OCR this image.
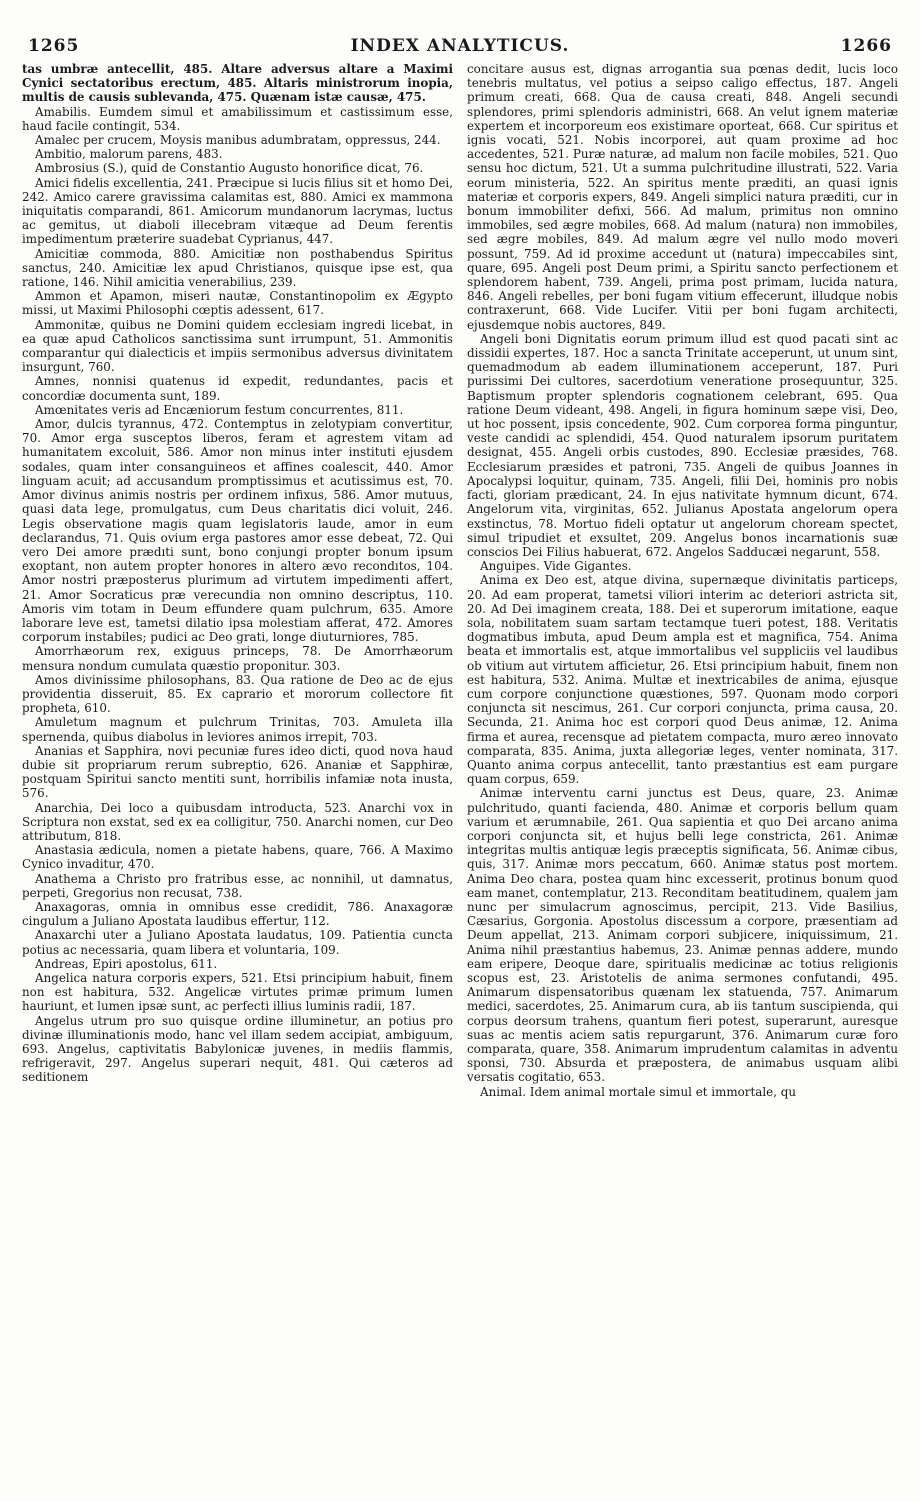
1265	INDEX ANALYTICUS.	1266

tas umbræ antecellit, 485. Altare adversus altare a Maximi Cynici sectatoribus erectum, 485. Altaris ministrorum inopia, multis de causis sublevanda, 475. Quænam istæ causæ, 475.

Amabilis. Eumdem simul et amabilissimum et castissimum esse, haud facile contingit, 534.

Amalec per crucem, Moysis manibus adumbratam, oppressus, 244.

Ambitio, malorum parens, 483.

Ambrosius (S.), quid de Constantio Augusto honorifice dicat, 76.

Amici fidelis excellentia, 241. Præcipue si lucis filius sit et homo Dei, 242. Amico carere gravissima calamitas est, 880. Amici ex mammona iniquitatis comparandi, 861. Amicorum mundanorum lacrymas, luctus ac gemitus, ut diaboli illecebram vitæque ad Deum ferentis impedimentum præterire suadebat Cyprianus, 447.

Amicitiæ commoda, 880. Amicitiæ non posthabendus Spiritus sanctus, 240. Amicitiæ lex apud Christianos, quisque ipse est, qua ratione, 146. Nihil amicitia venerabilius, 239.

Ammon et Apamon, miseri nautæ, Constantinopolim ex Ægypto missi, ut Maximi Philosophi cœptis adessent, 617.

Ammonitæ, quibus ne Domini quidem ecclesiam ingredi licebat, in ea quæ apud Catholicos sanctissima sunt irrumpunt, 51. Ammonitis comparantur qui dialecticis et impiis sermonibus adversus divinitatem insurgunt, 760.

Amnes, nonnisi quatenus id expedit, redundantes, pacis et concordiæ documenta sunt, 189.

Amœnitates veris ad Encæniorum festum concurrentes, 811.

Amor, dulcis tyrannus, 472. Contemptus in zelotypiam convertitur, 70. Amor erga susceptos liberos, feram et agrestem vitam ad humanitatem excoluit, 586. Amor non minus inter instituti ejusdem sodales, quam inter consanguineos et affines coalescit, 440. Amor linguam acuit; ad accusandum promptissimus et acutissimus est, 70. Amor divinus animis nostris per ordinem infixus, 586. Amor mutuus, quasi data lege, promulgatus, cum Deus charitatis dici voluit, 246. Legis observatione magis quam legislatoris laude, amor in eum declarandus, 71. Quis ovium erga pastores amor esse debeat, 72. Qui vero Dei amore prædıti sunt, bono conjungi propter bonum ipsum exoptant, non autem propter honores in altero ævo recondıtos, 104. Amor nostri præposterus plurimum ad virtutem impedimenti affert, 21. Amor Socraticus præ verecundia non omnino descriptus, 110. Amoris vim totam in Deum effundere quam pulchrum, 635. Amore laborare leve est, tametsi dilatio ipsa molestiam afferat, 472. Amores corporum instabiles; pudici ac Deo grati, longe diuturniores, 785.

Amorrhæorum rex, exiguus princeps, 78. De Amorrhæorum mensura nondum cumulata quæstio proponitur. 303.

Amos divinissime philosophans, 83. Qua ratione de Deo ac de ejus providentia disseruit, 85. Ex caprario et mororum collectore fit propheta, 610.

Amuletum magnum et pulchrum Trinitas, 703. Amuleta illa spernenda, quibus diabolus in leviores animos irrepit, 703.

Ananias et Sapphira, novi pecuniæ fures ideo dicti, quod nova haud dubie sit propriarum rerum subreptio, 626. Ananiæ et Sapphiræ, postquam Spiritui sancto mentiti sunt, horribilis infamiæ nota inusta, 576.

Anarchia, Dei loco a quibusdam introducta, 523. Anarchi vox in Scriptura non exstat, sed ex ea colligitur, 750. Anarchi nomen, cur Deo attributum, 818.

Anastasia ædicula, nomen a pietate habens, quare, 766. A Maximo Cynico invaditur, 470.

Anathema a Christo pro fratribus esse, ac nonnihil, ut damnatus, perpeti, Gregorius non recusat, 738.

Anaxagoras, omnia in omnibus esse credidit, 786. Anaxagoræ cingulum a Juliano Apostata laudibus effertur, 112.

Anaxarchi uter a Juliano Apostata laudatus, 109. Patientia cuncta potius ac necessaria, quam libera et voluntaria, 109.

Andreas, Epiri apostolus, 611.

Angelica natura corporis expers, 521. Etsi principium habuit, finem non est habitura, 532. Angelicæ virtutes primæ primum lumen hauriunt, et lumen ipsæ sunt, ac perfecti illius luminis radii, 187.

Angelus utrum pro suo quisque ordine illuminetur, an potius pro divinæ illuminationis modo, hanc vel illam sedem accipiat, ambiguum, 693. Angelus, captivitatis Babylonicæ juvenes, in mediis flammis, refrigeravit, 297. Angelus superari nequit, 481. Qui cæteros ad seditionem

concitare ausus est, dignas arrogantia sua pœnas dedit, lucis loco tenebris multatus, vel potius a seipso caligo effectus, 187. Angeli primum creati, 668. Qua de causa creati, 848. Angeli secundi splendores, primi splendoris administri, 668. An velut ignem materiæ expertem et incorporeum eos existimare oporteat, 668. Cur spiritus et ignis vocati, 521. Nobis incorporei, aut quam proxime ad hoc accedentes, 521. Puræ naturæ, ad malum non facile mobiles, 521. Quo sensu hoc dictum, 521. Ut a summa pulchritudine illustrati, 522. Varia eorum ministeria, 522. An spiritus mente præditi, an quasi ignis materiæ et corporis expers, 849. Angeli simplici natura præditi, cur in bonum immobiliter defixi, 566. Ad malum, primitus non omnino immobiles, sed ægre mobiles, 668. Ad malum (natura) non immobiles, sed ægre mobiles, 849. Ad malum ægre vel nullo modo moveri possunt, 759. Ad id proxime accedunt ut (natura) impeccabiles sint, quare, 695. Angeli post Deum primi, a Spiritu sancto perfectionem et splendorem habent, 739. Angeli, prima post primam, lucida natura, 846. Angeli rebelles, per boni fugam vitium effecerunt, illudque nobis contraxerunt, 668. Vide Lucifer. Vitii per boni fugam architecti, ejusdemque nobis auctores, 849.

Angeli boni Dignitatis eorum primum illud est quod pacati sint ac dissidii expertes, 187. Hoc a sancta Trinitate acceperunt, ut unum sint, quemadmodum ab eadem illuminationem acceperunt, 187. Puri purissimi Dei cultores, sacerdotium veneratione prosequuntur, 325. Baptismum propter splendoris cognationem celebrant, 695. Qua ratione Deum videant, 498. Angeli, in figura hominum sæpe visi, Deo, ut hoc possent, ipsis concedente, 902. Cum corporea forma pinguntur, veste candidi ac splendidi, 454. Quod naturalem ipsorum puritatem designat, 455. Angeli orbis custodes, 890. Ecclesiæ præsides, 768. Ecclesiarum præsides et patroni, 735. Angeli de quibus Joannes in Apocalypsi loquitur, quinam, 735. Angeli, filii Dei, hominis pro nobis facti, gloriam prædicant, 24. In ejus nativitate hymnum dicunt, 674. Angelorum vita, virginitas, 652. Julianus Apostata angelorum opera exstinctus, 78. Mortuo fideli optatur ut angelorum choream spectet, simul tripudiet et exsultet, 209. Angelus bonos incarnationis suæ conscios Dei Filius habuerat, 672. Angelos Sadducæi negarunt, 558.

Anguipes. Vide Gigantes.

Anima ex Deo est, atque divina, supernæque divinitatis particeps, 20. Ad eam properat, tametsi viliori interim ac deteriori astricta sit, 20. Ad Dei imaginem creata, 188. Dei et superorum imitatione, eaque sola, nobilitatem suam sartam tectamque tueri potest, 188. Veritatis dogmatibus imbuta, apud Deum ampla est et magnifica, 754. Anima beata et immortalis est, atque immortalibus vel suppliciis vel laudibus ob vitium aut virtutem afficietur, 26. Etsi principium habuit, finem non est habitura, 532. Anima. Multæ et inextricabiles de anima, ejusque cum corpore conjunctione quæstiones, 597. Quonam modo corpori conjuncta sit nescimus, 261. Cur corpori conjuncta, prima causa, 20. Secunda, 21. Anima hoc est corpori quod Deus animæ, 12. Anima firma et aurea, recensque ad pietatem compacta, muro æreo innovato comparata, 835. Anima, juxta allegoriæ leges, venter nominata, 317. Quanto anima corpus antecellit, tanto præstantius est eam purgare quam corpus, 659.

Animæ interventu carni junctus est Deus, quare, 23. Animæ pulchritudo, quanti facienda, 480. Animæ et corporis bellum quam varium et ærumnabile, 261. Qua sapientia et quo Dei arcano anima corpori conjuncta sit, et hujus belli lege constricta, 261. Animæ integritas multis antiquæ legis præceptis significata, 56. Animæ cibus, quis, 317. Animæ mors peccatum, 660. Animæ status post mortem. Anima Deo chara, postea quam hinc excesserit, protinus bonum quod eam manet, contemplatur, 213. Reconditam beatitudinem, qualem jam nunc per simulacrum agnoscimus, percipit, 213. Vide Basilius, Cæsarius, Gorgonia. Apostolus discessum a corpore, præsentiam ad Deum appellat, 213. Animam corpori subjicere, iniquissimum, 21. Anima nihil præstantius habemus, 23. Animæ pennas addere, mundo eam eripere, Deoque dare, spiritualis medicinæ ac totius religionis scopus est, 23. Aristotelis de anima sermones confutandi, 495. Animarum dispensatoribus quænam lex statuenda, 757. Animarum medici, sacerdotes, 25. Animarum cura, ab iis tantum suscipienda, qui corpus deorsum trahens, quantum fieri potest, superarunt, auresque suas ac mentis aciem satis repurgarunt, 376. Animarum curæ foro comparata, quare, 358. Animarum imprudentum calamitas in adventu sponsi, 730. Absurda et præpostera, de animabus usquam alibi versatis cogitatio, 653.

Animal. Idem animal mortale simul et immortale, qu
